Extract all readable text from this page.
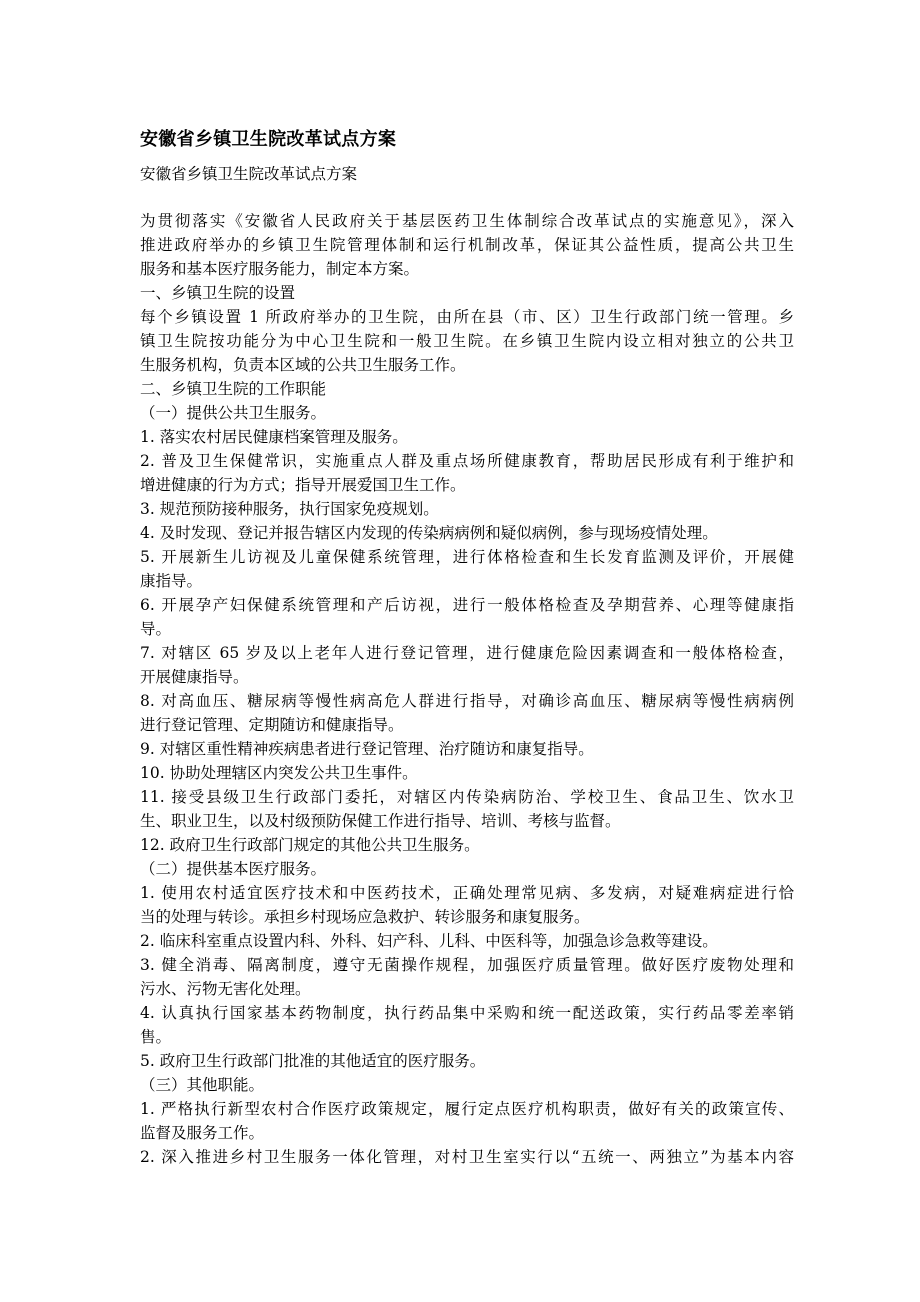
安徽省乡镇卫生院改革试点方案
安徽省乡镇卫生院改革试点方案
为贯彻落实《安徽省人民政府关于基层医药卫生体制综合改革试点的实施意见》，深入
推进政府举办的乡镇卫生院管理体制和运行机制改革，保证其公益性质，提高公共卫生
服务和基本医疗服务能力，制定本方案。
一、乡镇卫生院的设置
每个乡镇设置 1 所政府举办的卫生院，由所在县（市、区）卫生行政部门统一管理。乡
镇卫生院按功能分为中心卫生院和一般卫生院。在乡镇卫生院内设立相对独立的公共卫
生服务机构，负责本区域的公共卫生服务工作。
二、乡镇卫生院的工作职能
（一）提供公共卫生服务。
1. 落实农村居民健康档案管理及服务。
2. 普及卫生保健常识，实施重点人群及重点场所健康教育，帮助居民形成有利于维护和
增进健康的行为方式；指导开展爱国卫生工作。
3. 规范预防接种服务，执行国家免疫规划。
4. 及时发现、登记并报告辖区内发现的传染病病例和疑似病例，参与现场疫情处理。
5. 开展新生儿访视及儿童保健系统管理，进行体格检查和生长发育监测及评价，开展健
康指导。
6. 开展孕产妇保健系统管理和产后访视，进行一般体格检查及孕期营养、心理等健康指
导。
7. 对辖区 65 岁及以上老年人进行登记管理，进行健康危险因素调查和一般体格检查，
开展健康指导。
8. 对高血压、糖尿病等慢性病高危人群进行指导，对确诊高血压、糖尿病等慢性病病例
进行登记管理、定期随访和健康指导。
9. 对辖区重性精神疾病患者进行登记管理、治疗随访和康复指导。
10. 协助处理辖区内突发公共卫生事件。
11. 接受县级卫生行政部门委托，对辖区内传染病防治、学校卫生、食品卫生、饮水卫
生、职业卫生，以及村级预防保健工作进行指导、培训、考核与监督。
12. 政府卫生行政部门规定的其他公共卫生服务。
（二）提供基本医疗服务。
1. 使用农村适宜医疗技术和中医药技术，正确处理常见病、多发病，对疑难病症进行恰
当的处理与转诊。承担乡村现场应急救护、转诊服务和康复服务。
2. 临床科室重点设置内科、外科、妇产科、儿科、中医科等，加强急诊急救等建设。
3. 健全消毒、隔离制度，遵守无菌操作规程，加强医疗质量管理。做好医疗废物处理和
污水、污物无害化处理。
4. 认真执行国家基本药物制度，执行药品集中采购和统一配送政策，实行药品零差率销
售。
5. 政府卫生行政部门批准的其他适宜的医疗服务。
（三）其他职能。
1. 严格执行新型农村合作医疗政策规定，履行定点医疗机构职责，做好有关的政策宣传、
监督及服务工作。
2. 深入推进乡村卫生服务一体化管理，对村卫生室实行以“五统一、两独立”为基本内容
